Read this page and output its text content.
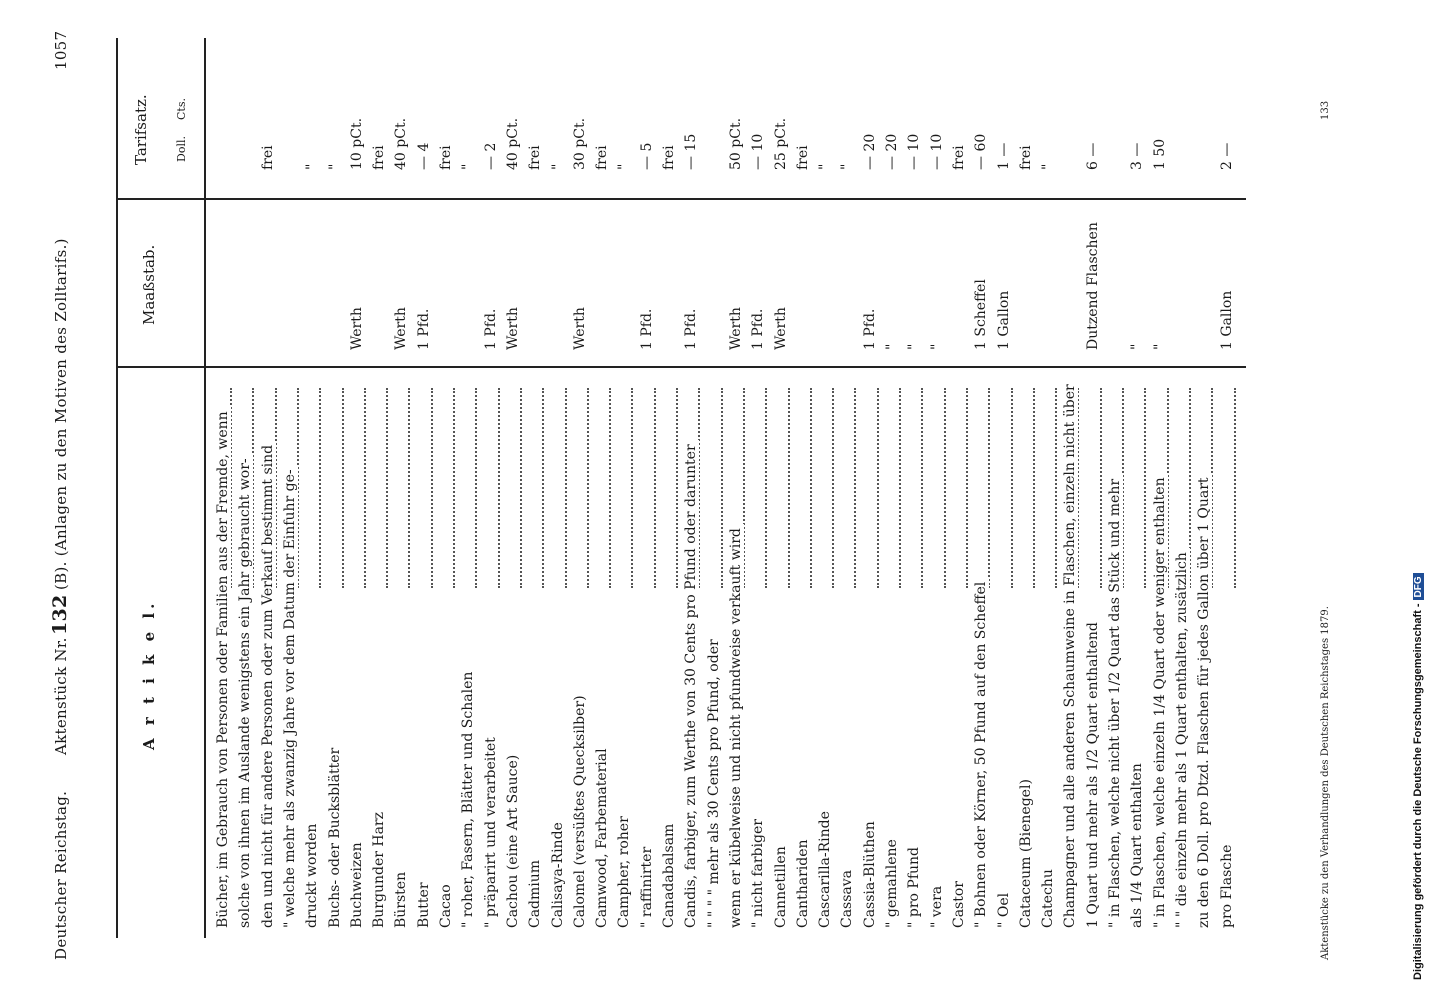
Deutscher Reichstag.
Aktenstück Nr.
132
(B). (Anlagen zu den Motiven des Zolltarifs.)
1057
A r t i k e l.
Maaßstab.
Tarifsatz. Doll.
Cts.
Bücher, im Gebrauch von Personen oder Familien aus der Fremde, wenn solche von ihnen im Auslande wenigstens ein Jahr gebraucht wor- den und nicht für andere Personen oder zum Verkauf bestimmt sind
frei
" welche mehr als zwanzig Jahre vor dem Datum der Einfuhr ge- druckt worden
"
Buchs- oder Bucksblätter
"
Buchweizen
Werth
10 pCt.
Burgunder Harz
frei
Bürsten
Werth
40 pCt.
Butter
1 Pfd.
— 4
Cacao
frei
" roher, Fasern, Blätter und Schalen
"
" präparirt und verarbeitet
1 Pfd.
— 2
Cachou (eine Art Sauce)
Werth
40 pCt.
Cadmium
frei
Calisaya-Rinde
"
Calomel (versüßtes Quecksilber)
Werth
30 pCt.
Camwood, Farbematerial
frei
Campher, roher
"
" raffinirter
1 Pfd.
— 5
Canadabalsam
frei
Candis, farbiger, zum Werthe von 30 Cents pro Pfund oder darunter
1 Pfd.
— 15
" " " " mehr als 30 Cents pro Pfund, oder wenn er kübelweise und nicht pfundweise verkauft wird
Werth
50 pCt.
" nicht farbiger
1 Pfd.
— 10
Cannetillen
Werth
25 pCt.
Canthariden
frei
Cascarilla-Rinde
"
Cassava
"
Cassia-Blüthen
1 Pfd.
— 20
" gemahlene
"
— 20
" pro Pfund
"
— 10
" vera
"
— 10
Castor
frei
" Bohnen oder Körner, 50 Pfund auf den Scheffel
1 Scheffel
— 60
" Oel
1 Gallon
1 —
Cataceum (Bienegel)
frei
Catechu
"
Champagner und alle anderen Schaumweine in Flaschen, einzeln nicht über 1 Quart und mehr als 1/2 Quart enthaltend
Dutzend Flaschen
6 —
" in Flaschen, welche nicht über 1/2 Quart das Stück und mehr als 1/4 Quart enthalten
"
3 —
" in Flaschen, welche einzeln 1/4 Quart oder weniger enthalten
"
1 50
" " die einzeln mehr als 1 Quart enthalten, zusätzlich zu den 6 Doll. pro Dtzd. Flaschen für jedes Gallon über 1 Quart pro Flasche
1 Gallon
2 —
Aktenstücke zu den Verhandlungen des Deutschen Reichstages 1879.
133
Digitalisierung gefördert durch die Deutsche Forschungsgemeinschaft -DFG
